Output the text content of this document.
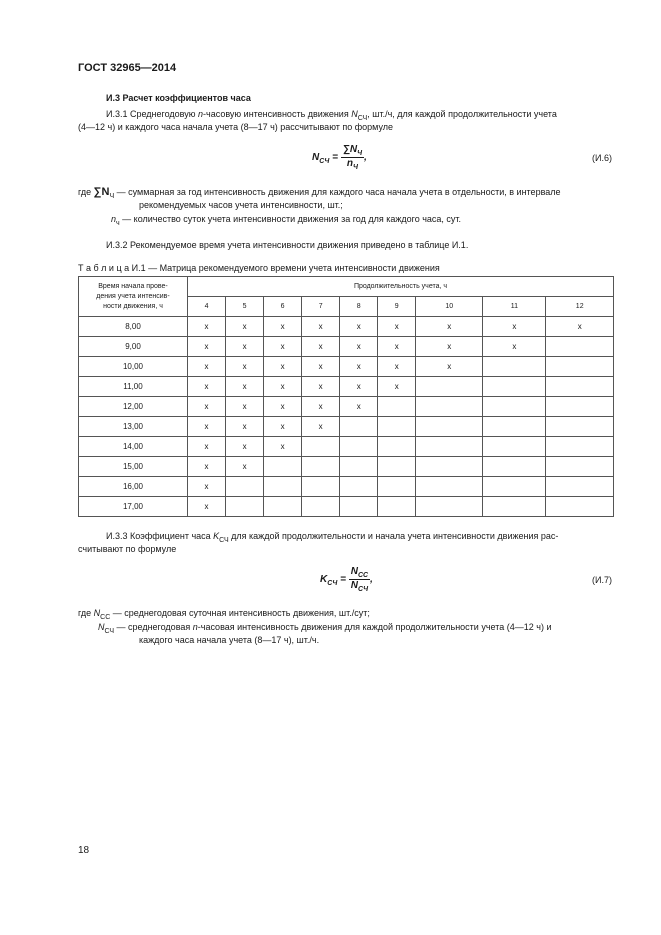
ГОСТ 32965—2014
И.3 Расчет коэффициентов часа
И.3.1 Среднегодовую n-часовую интенсивность движения $N_{СЧ}$, шт./ч, для каждой продолжительности учета
(4—12 ч) и каждого часа начала учета (8—17 ч) рассчитывают по формуле
$N_{СЧ} = \frac{\sum N_Ч}{n_Ч}$ ,	(И.6)
где $\sum N_Ч$ — суммарная за год интенсивность движения для каждого часа начала учета в отдельности, в интервале
рекомендуемых часов учета интенсивности, шт.;
$n_ч$ — количество суток учета интенсивности движения за год для каждого часа, сут.
И.3.2 Рекомендуемое время учета интенсивности движения приведено в таблице И.1.
Т а б л и ц а И.1 — Матрица рекомендуемого времени учета интенсивности движения
Время начала прове-
дения учета интенсив-
ности движения, ч	Продолжительность учета, ч								
	4	5	6	7	8	9	10	11	12
8,00	x	x	x	x	x	x	x	x	x
9,00	x	x	x	x	x	x	x	x	
10,00	x	x	x	x	x	x	x		
11,00	x	x	x	x	x	x			
12,00	x	x	x	x	x				
13,00	x	x	x	x					
14,00	x	x	x						
15,00	x	x							
16,00	x								
17,00	x								
И.3.3 Коэффициент часа $K_{СЧ}$ для каждой продолжительности и начала учета интенсивности движения рас-
считывают по формуле
$K_{СЧ} = \frac{N_{СС}}{N_{СЧ}}$ ,	(И.7)
где $N_{СС}$ — среднегодовая суточная интенсивность движения, шт./сут;
$N_{СЧ}$ — среднегодовая n-часовая интенсивность движения для каждой продолжительности учета (4—12 ч) и
каждого часа начала учета (8—17 ч), шт./ч.
18
